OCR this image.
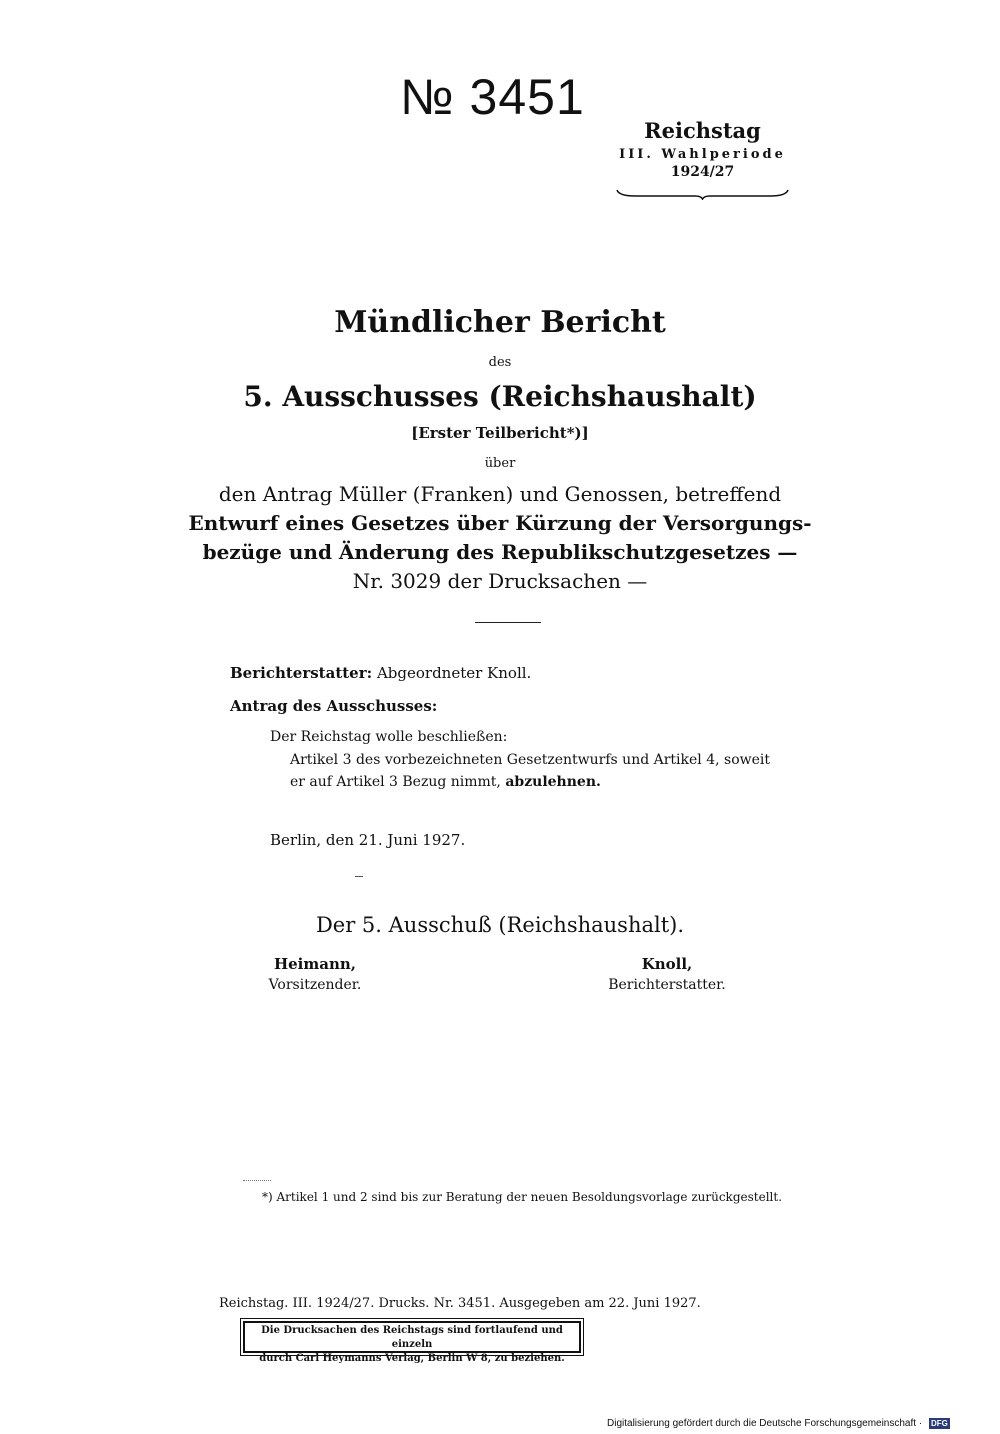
№ 3451
Reichstag
III. Wahlperiode
1924/27
Mündlicher Bericht
des
5. Ausschusses (Reichshaushalt)
[Erster Teilbericht*)]
über
den Antrag Müller (Franken) und Genossen, betreffend
Entwurf eines Gesetzes über Kürzung der Versorgungs-
bezüge und Änderung des Republikschutzgesetzes —
Nr. 3029 der Drucksachen —
Berichterstatter: Abgeordneter Knoll.
Antrag des Ausschusses:
Der Reichstag wolle beschließen:
Artikel 3 des vorbezeichneten Gesetzentwurfs und Artikel 4, soweit
er auf Artikel 3 Bezug nimmt, abzulehnen.
Berlin, den 21. Juni 1927.
Der 5. Ausschuß (Reichshaushalt).
Heimann,
Vorsitzender.
Knoll,
Berichterstatter.
*) Artikel 1 und 2 sind bis zur Beratung der neuen Besoldungsvorlage zurückgestellt.
Reichstag. III. 1924/27. Drucks. Nr. 3451. Ausgegeben am 22. Juni 1927.
Die Drucksachen des Reichstags sind fortlaufend und einzeln
durch Carl Heymanns Verlag, Berlin W 8, zu beziehen.
Digitalisierung gefördert durch die Deutsche Forschungsgemeinschaft · DFG
